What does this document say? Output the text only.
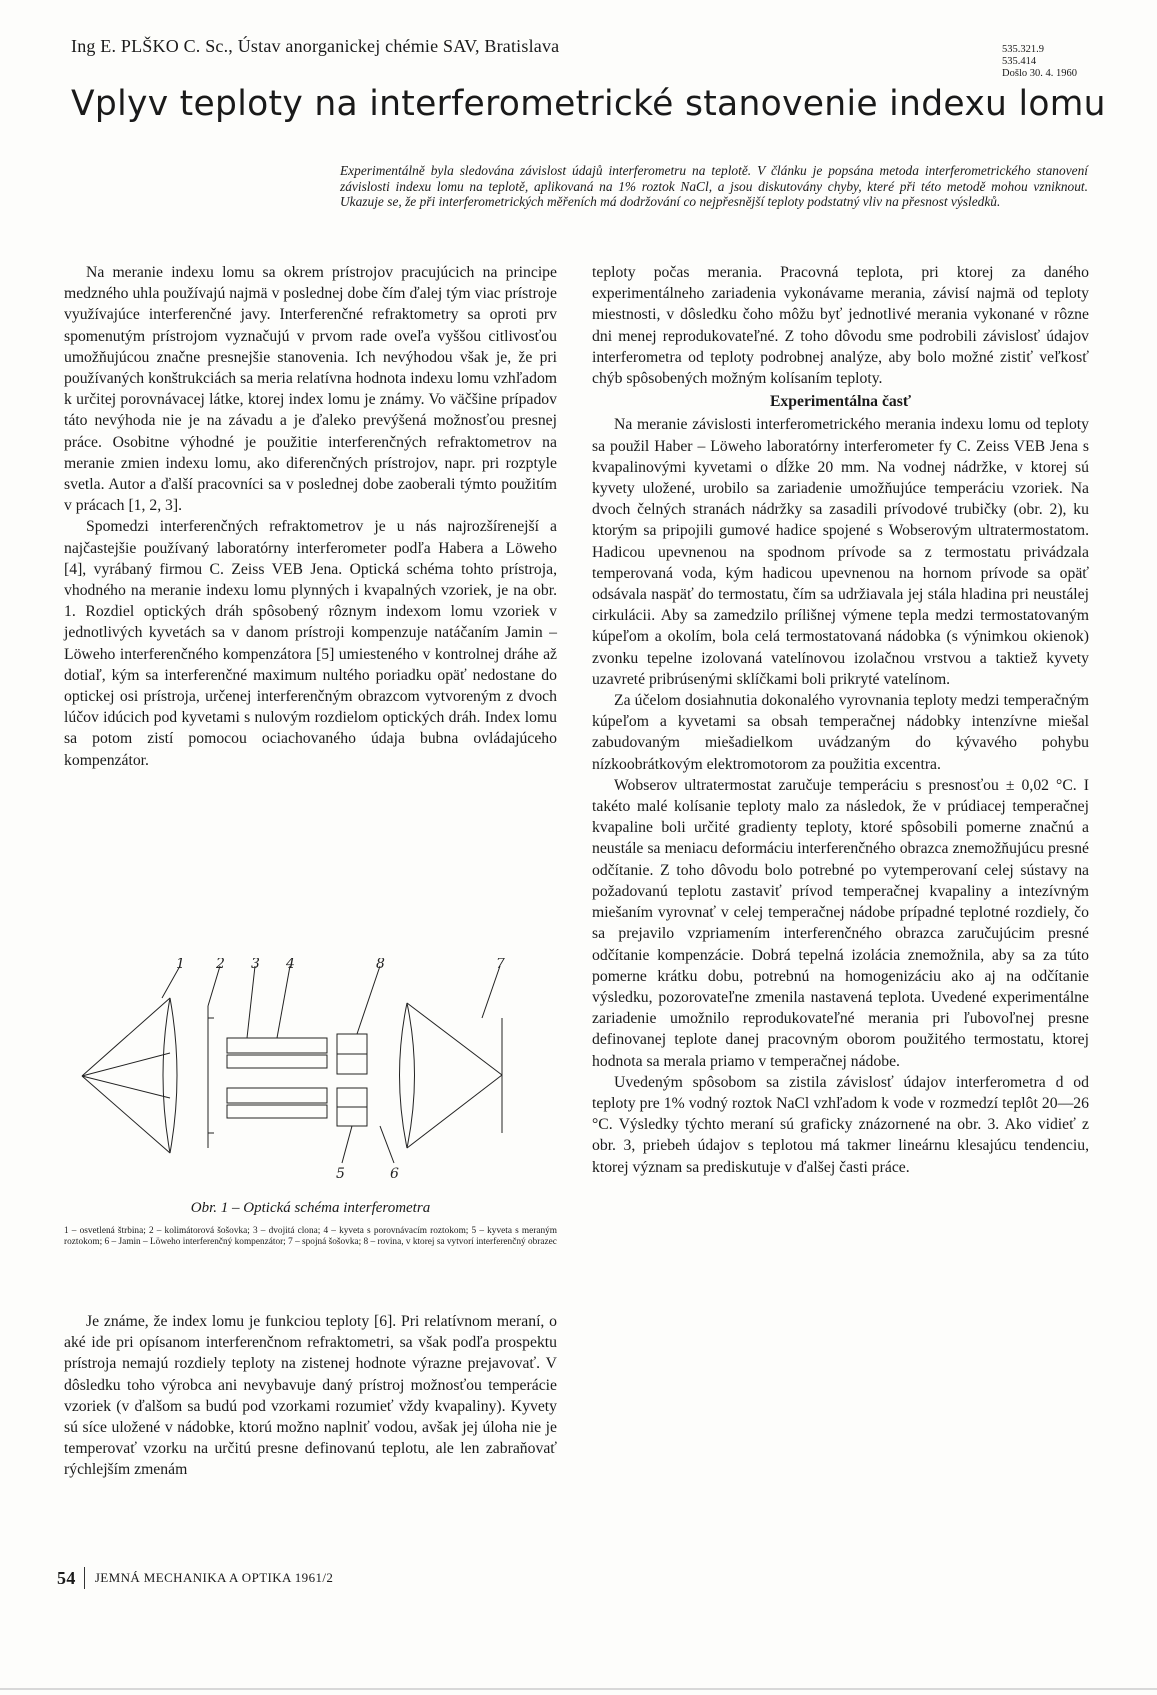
Ing E. PLŠKO C. Sc., Ústav anorganickej chémie SAV, Bratislava	535.321.9
535.414
Došlo 30. 4. 1960
Vplyv teploty na interferometrické stanovenie indexu lomu
Experimentálně byla sledována závislost údajů interferometru na teplotě. V článku je popsána metoda interferometrického stanovení závislosti indexu lomu na teplotě, aplikovaná na 1% roztok NaCl, a jsou diskutovány chyby, které při této metodě mohou vzniknout. Ukazuje se, že při interferometrických měřeních má dodržování co nejpřesnější teploty podstatný vliv na přesnost výsledků.

Na meranie indexu lomu sa okrem prístrojov pracujúcich na principe medzného uhla používajú najmä v poslednej dobe čím ďalej tým viac prístroje využívajúce interferenčné javy. Interferenčné refraktometry sa oproti prv spomenutým prístrojom vyznačujú v prvom rade oveľa vyššou citlivosťou umožňujúcou značne presnejšie stanovenia. Ich nevýhodou však je, že pri používaných konštrukciách sa meria relatívna hodnota indexu lomu vzhľadom k určitej porovnávacej látke, ktorej index lomu je známy. Vo väčšine prípadov táto nevýhoda nie je na závadu a je ďaleko prevýšená možnosťou presnej práce. Osobitne výhodné je použitie interferenčných refraktometrov na meranie zmien indexu lomu, ako diferenčných prístrojov, napr. pri rozptyle svetla. Autor a ďalší pracovníci sa v poslednej dobe zaoberali týmto použitím v prácach [1, 2, 3].

Spomedzi interferenčných refraktometrov je u nás najrozšírenejší a najčastejšie používaný laboratórny interferometer podľa Habera a Löweho [4], vyrábaný firmou C. Zeiss VEB Jena. Optická schéma tohto prístroja, vhodného na meranie indexu lomu plynných i kvapalných vzoriek, je na obr. 1. Rozdiel optických dráh spôsobený rôznym indexom lomu vzoriek v jednotlivých kyvetách sa v danom prístroji kompenzuje natáčaním Jamin – Löweho interferenčného kompenzátora [5] umiesteného v kontrolnej dráhe až dotiaľ, kým sa interferenčné maximum nultého poriadku opäť nedostane do optickej osi prístroja, určenej interferenčným obrazcom vytvoreným z dvoch lúčov idúcich pod kyvetami s nulovým rozdielom optických dráh. Index lomu sa potom zistí pomocou ociachovaného údaja bubna ovládajúceho kompenzátor.

1 2 3 4	8	7
5	6
Obr. 1 – Optická schéma interferometra
1 – osvetlená štrbina; 2 – kolimátorová šošovka; 3 – dvojitá clona; 4 – kyveta s porovnávacím roztokom; 5 – kyveta s meraným roztokom; 6 – Jamin – Löweho interferenčný kompenzátor; 7 – spojná šošovka; 8 – rovina, v ktorej sa vytvorí interferenčný obrazec

Je známe, že index lomu je funkciou teploty [6]. Pri relatívnom meraní, o aké ide pri opísanom interferenčnom refraktometri, sa však podľa prospektu prístroja nemajú rozdiely teploty na zistenej hodnote výrazne prejavovať. V dôsledku toho výrobca ani nevybavuje daný prístroj možnosťou temperácie vzoriek (v ďalšom sa budú pod vzorkami rozumieť vždy kvapaliny). Kyvety sú síce uložené v nádobke, ktorú možno naplniť vodou, avšak jej úloha nie je temperovať vzorku na určitú presne definovanú teplotu, ale len zabraňovať rýchlejším zmenám

teploty počas merania. Pracovná teplota, pri ktorej za daného experimentálneho zariadenia vykonávame merania, závisí najmä od teploty miestnosti, v dôsledku čoho môžu byť jednotlivé merania vykonané v rôzne dni menej reprodukovateľné. Z toho dôvodu sme podrobili závislosť údajov interferometra od teploty podrobnej analýze, aby bolo možné zistiť veľkosť chýb spôsobených možným kolísaním teploty.

Experimentálna časť

Na meranie závislosti interferometrického merania indexu lomu od teploty sa použil Haber – Löweho laboratórny interferometer fy C. Zeiss VEB Jena s kvapalinovými kyvetami o dĺžke 20 mm. Na vodnej nádržke, v ktorej sú kyvety uložené, urobilo sa zariadenie umožňujúce temperáciu vzoriek. Na dvoch čelných stranách nádržky sa zasadili prívodové trubičky (obr. 2), ku ktorým sa pripojili gumové hadice spojené s Wobserovým ultratermostatom. Hadicou upevnenou na spodnom prívode sa z termostatu privádzala temperovaná voda, kým hadicou upevnenou na hornom prívode sa opäť odsávala naspäť do termostatu, čím sa udržiavala jej stála hladina pri neustálej cirkulácii. Aby sa zamedzilo prílišnej výmene tepla medzi termostatovaným kúpeľom a okolím, bola celá termostatovaná nádobka (s výnimkou okienok) zvonku tepelne izolovaná vatelínovou izolačnou vrstvou a taktiež kyvety uzavreté pribrúsenými sklíčkami boli prikryté vatelínom.

Za účelom dosiahnutia dokonalého vyrovnania teploty medzi temperačným kúpeľom a kyvetami sa obsah temperačnej nádobky intenzívne miešal zabudovaným miešadielkom uvádzaným do kývavého pohybu nízkoobrátkovým elektromotorom za použitia excentra.

Wobserov ultratermostat zaručuje temperáciu s presnosťou ± 0,02 °C. I takéto malé kolísanie teploty malo za následok, že v prúdiacej temperačnej kvapaline boli určité gradienty teploty, ktoré spôsobili pomerne značnú a neustále sa meniacu deformáciu interferenčného obrazca znemožňujúcu presné odčítanie. Z toho dôvodu bolo potrebné po vytemperovaní celej sústavy na požadovanú teplotu zastaviť prívod temperačnej kvapaliny a intezívným miešaním vyrovnať v celej temperačnej nádobe prípadné teplotné rozdiely, čo sa prejavilo vzpriamením interferenčného obrazca zaručujúcim presné odčítanie kompenzácie. Dobrá tepelná izolácia znemožnila, aby sa za túto pomerne krátku dobu, potrebnú na homogenizáciu ako aj na odčítanie výsledku, pozorovateľne zmenila nastavená teplota. Uvedené experimentálne zariadenie umožnilo reprodukovateľné merania pri ľubovoľnej presne definovanej teplote danej pracovným oborom použitého termostatu, ktorej hodnota sa merala priamo v temperačnej nádobe.

Uvedeným spôsobom sa zistila závislosť údajov interferometra d od teploty pre 1% vodný roztok NaCl vzhľadom k vode v rozmedzí teplôt 20—26 °C. Výsledky týchto meraní sú graficky znázornené na obr. 3. Ako vidieť z obr. 3, priebeh údajov s teplotou má takmer lineárnu klesajúcu tendenciu, ktorej význam sa prediskutuje v ďalšej časti práce.

54 JEMNÁ MECHANIKA A OPTIKA 1961/2
